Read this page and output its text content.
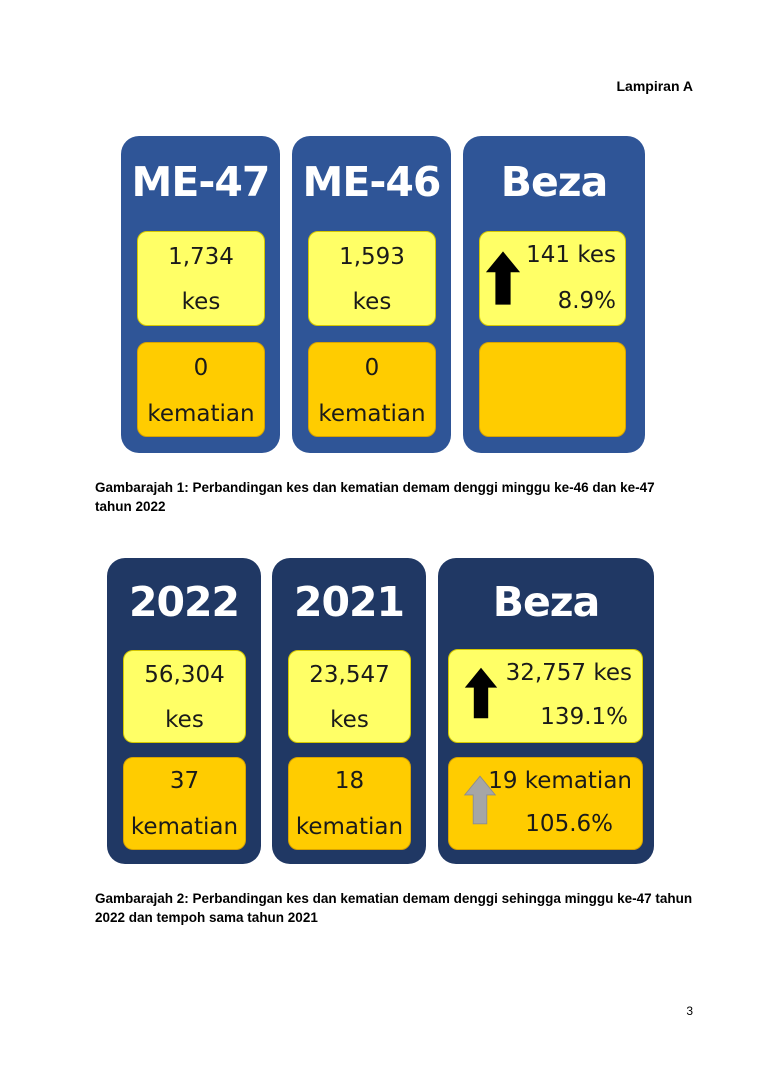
Lampiran A
ME-47
1,734
kes
0
kematian
ME-46
1,593
kes
0
kematian
Beza
141 kes
8.9%
Gambarajah 1: Perbandingan kes dan kematian demam denggi minggu ke-46 dan ke-47 tahun 2022
2022
56,304
kes
37
kematian
2021
23,547
kes
18
kematian
Beza
32,757 kes
139.1%
19 kematian
105.6%
Gambarajah 2: Perbandingan kes dan kematian demam denggi sehingga minggu ke-47 tahun 2022 dan tempoh sama tahun 2021
3
